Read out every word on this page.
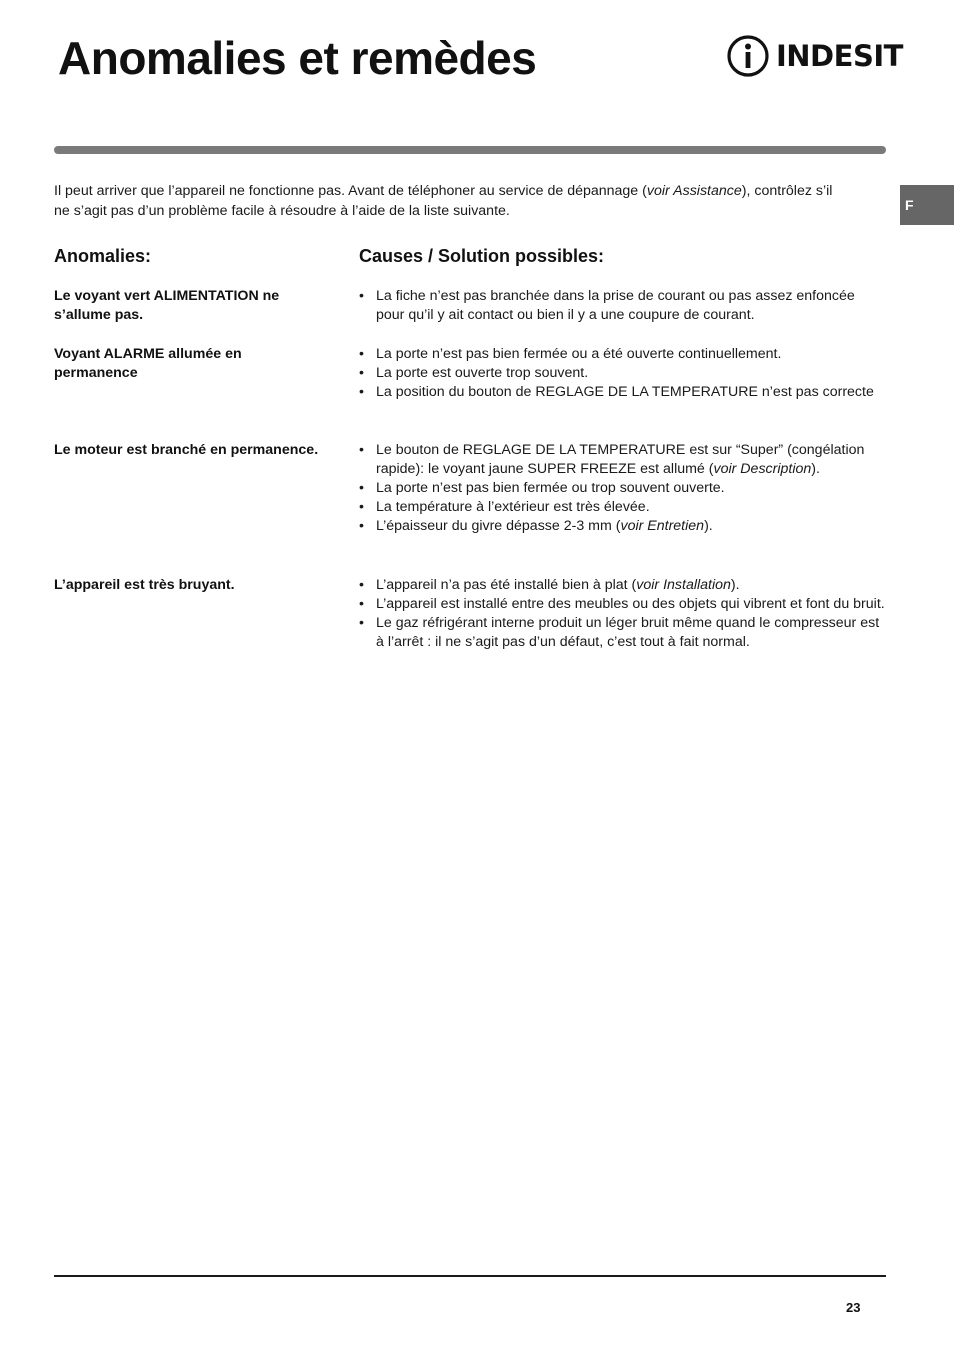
Anomalies et remèdes	INDESIT
F

Il peut arriver que l’appareil ne fonctionne pas. Avant de téléphoner au service de dépannage (voir Assistance), contrôlez s’il ne s’agit pas d’un problème facile à résoudre à l’aide de la liste suivante.

Anomalies:	Causes / Solution possibles:
Le voyant vert ALIMENTATION ne s’allume pas.
• La fiche n’est pas branchée dans la prise de courant ou pas assez enfoncée pour qu’il y ait contact ou bien il y a une coupure de courant.
Voyant ALARME allumée en permanence
• La porte n’est pas bien fermée ou a été ouverte continuellement.
• La porte est ouverte trop souvent.
• La position du bouton de REGLAGE DE LA TEMPERATURE n’est pas correcte
Le moteur est branché en permanence.	• Le bouton de REGLAGE DE LA TEMPERATURE est sur “Super” (congélation rapide): le voyant jaune SUPER FREEZE est allumé (voir Description).
• La porte n’est pas bien fermée ou trop souvent ouverte.
• La température à l’extérieur est très élevée.
• L’épaisseur du givre dépasse 2-3 mm (voir Entretien).
L’appareil est très bruyant.	• L’appareil n’a pas été installé bien à plat (voir Installation).
• L’appareil est installé entre des meubles ou des objets qui vibrent et font du bruit.
• Le gaz réfrigérant interne produit un léger bruit même quand le compresseur est à l’arrêt : il ne s’agit pas d’un défaut, c’est tout à fait normal.
23
